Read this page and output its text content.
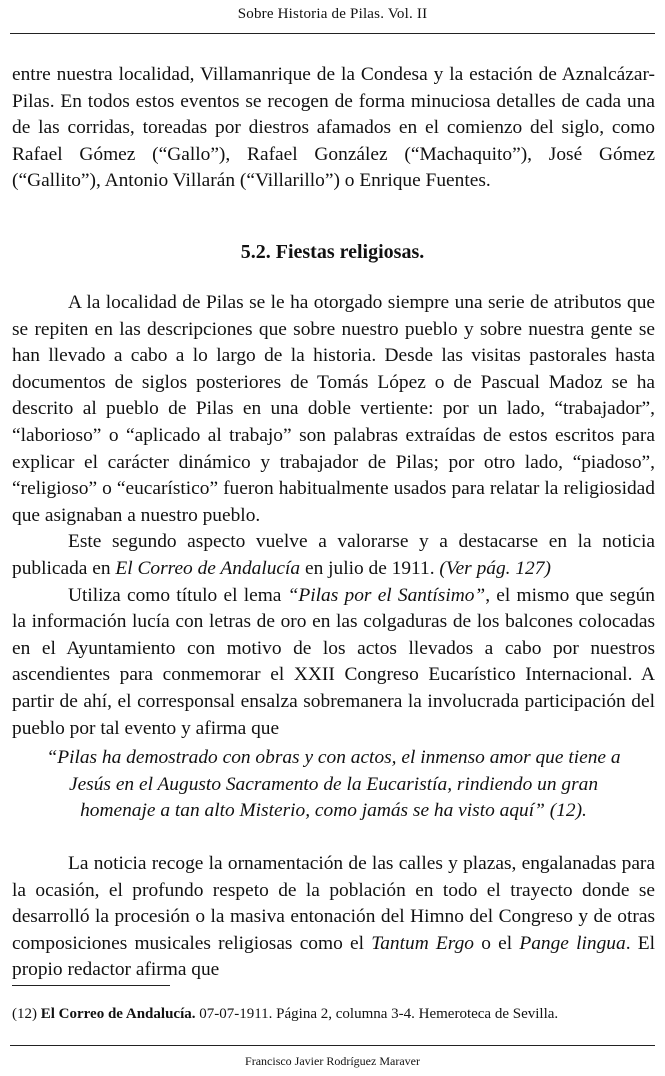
Sobre Historia de Pilas. Vol. II
entre nuestra localidad, Villamanrique de la Condesa y la estación de Aznalcázar-Pilas. En todos estos eventos se recogen de forma minuciosa detalles de cada una de las corridas, toreadas por diestros afamados en el comienzo del siglo, como Rafael Gómez (“Gallo”), Rafael González (“Machaquito”), José Gómez (“Gallito”), Antonio Villarán (“Villarillo”) o Enrique Fuentes.
5.2. Fiestas religiosas.
A la localidad de Pilas se le ha otorgado siempre una serie de atributos que se repiten en las descripciones que sobre nuestro pueblo y sobre nuestra gente se han llevado a cabo a lo largo de la historia. Desde las visitas pastorales hasta documentos de siglos posteriores de Tomás López o de Pascual Madoz se ha descrito al pueblo de Pilas en una doble vertiente: por un lado, “trabajador”, “laborioso” o “aplicado al trabajo” son palabras extraídas de estos escritos para explicar el carácter dinámico y trabajador de Pilas; por otro lado, “piadoso”, “religioso” o “eucarístico” fueron habitualmente usados para relatar la religiosidad que asignaban a nuestro pueblo.
Este segundo aspecto vuelve a valorarse y a destacarse en la noticia publicada en El Correo de Andalucía en julio de 1911. (Ver pág. 127)
Utiliza como título el lema “Pilas por el Santísimo”, el mismo que según la información lucía con letras de oro en las colgaduras de los balcones colocadas en el Ayuntamiento con motivo de los actos llevados a cabo por nuestros ascendientes para conmemorar el XXII Congreso Eucarístico Internacional. A partir de ahí, el corresponsal ensalza sobremanera la involucrada participación del pueblo por tal evento y afirma que
“Pilas ha demostrado con obras y con actos, el inmenso amor que tiene a
Jesús en el Augusto Sacramento de la Eucaristía, rindiendo un gran
homenaje a tan alto Misterio, como jamás se ha visto aquí” (12).
La noticia recoge la ornamentación de las calles y plazas, engalanadas para la ocasión, el profundo respeto de la población en todo el trayecto donde se desarrolló la procesión o la masiva entonación del Himno del Congreso y de otras composiciones musicales religiosas como el Tantum Ergo o el Pange lingua. El propio redactor afirma que
(12) El Correo de Andalucía. 07-07-1911. Página 2, columna 3-4. Hemeroteca de Sevilla.
Francisco Javier Rodríguez Maraver
